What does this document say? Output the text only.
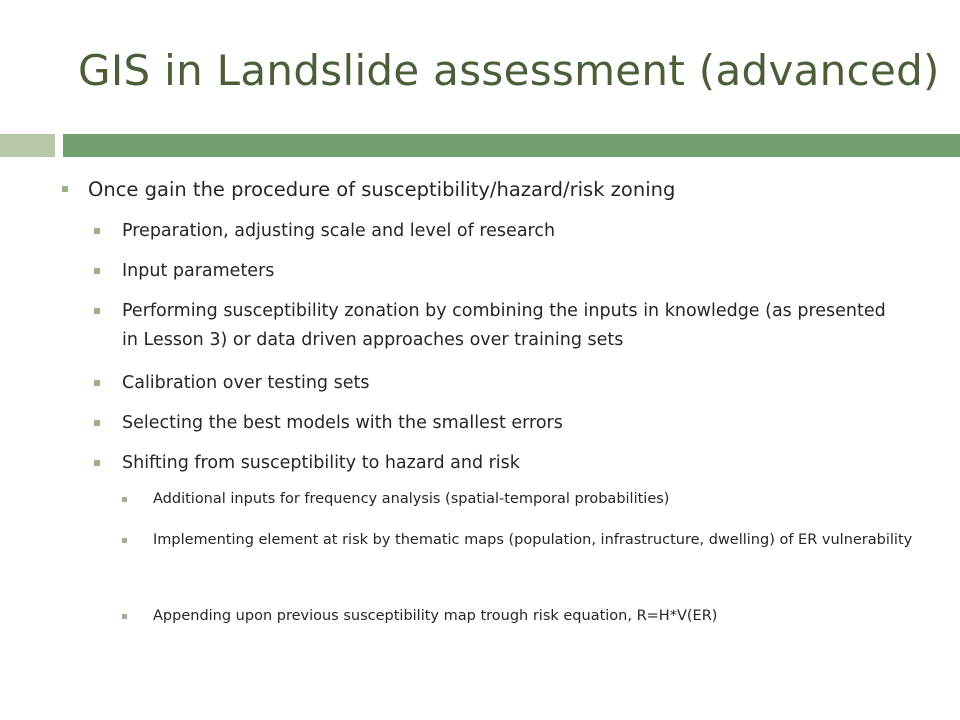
GIS in Landslide assessment (advanced)
Once gain the procedure of susceptibility/hazard/risk zoning
Preparation, adjusting scale and level of research
Input parameters
Performing susceptibility zonation by combining the inputs in knowledge (as presented in Lesson 3) or data driven approaches over training sets
Calibration over testing sets
Selecting the best models with the smallest errors
Shifting from susceptibility to hazard and risk
Additional inputs for frequency analysis (spatial-temporal probabilities)
Implementing element at risk by thematic maps (population, infrastructure, dwelling) of ER vulnerability
Appending upon previous susceptibility map trough risk equation, R=H*V(ER)
